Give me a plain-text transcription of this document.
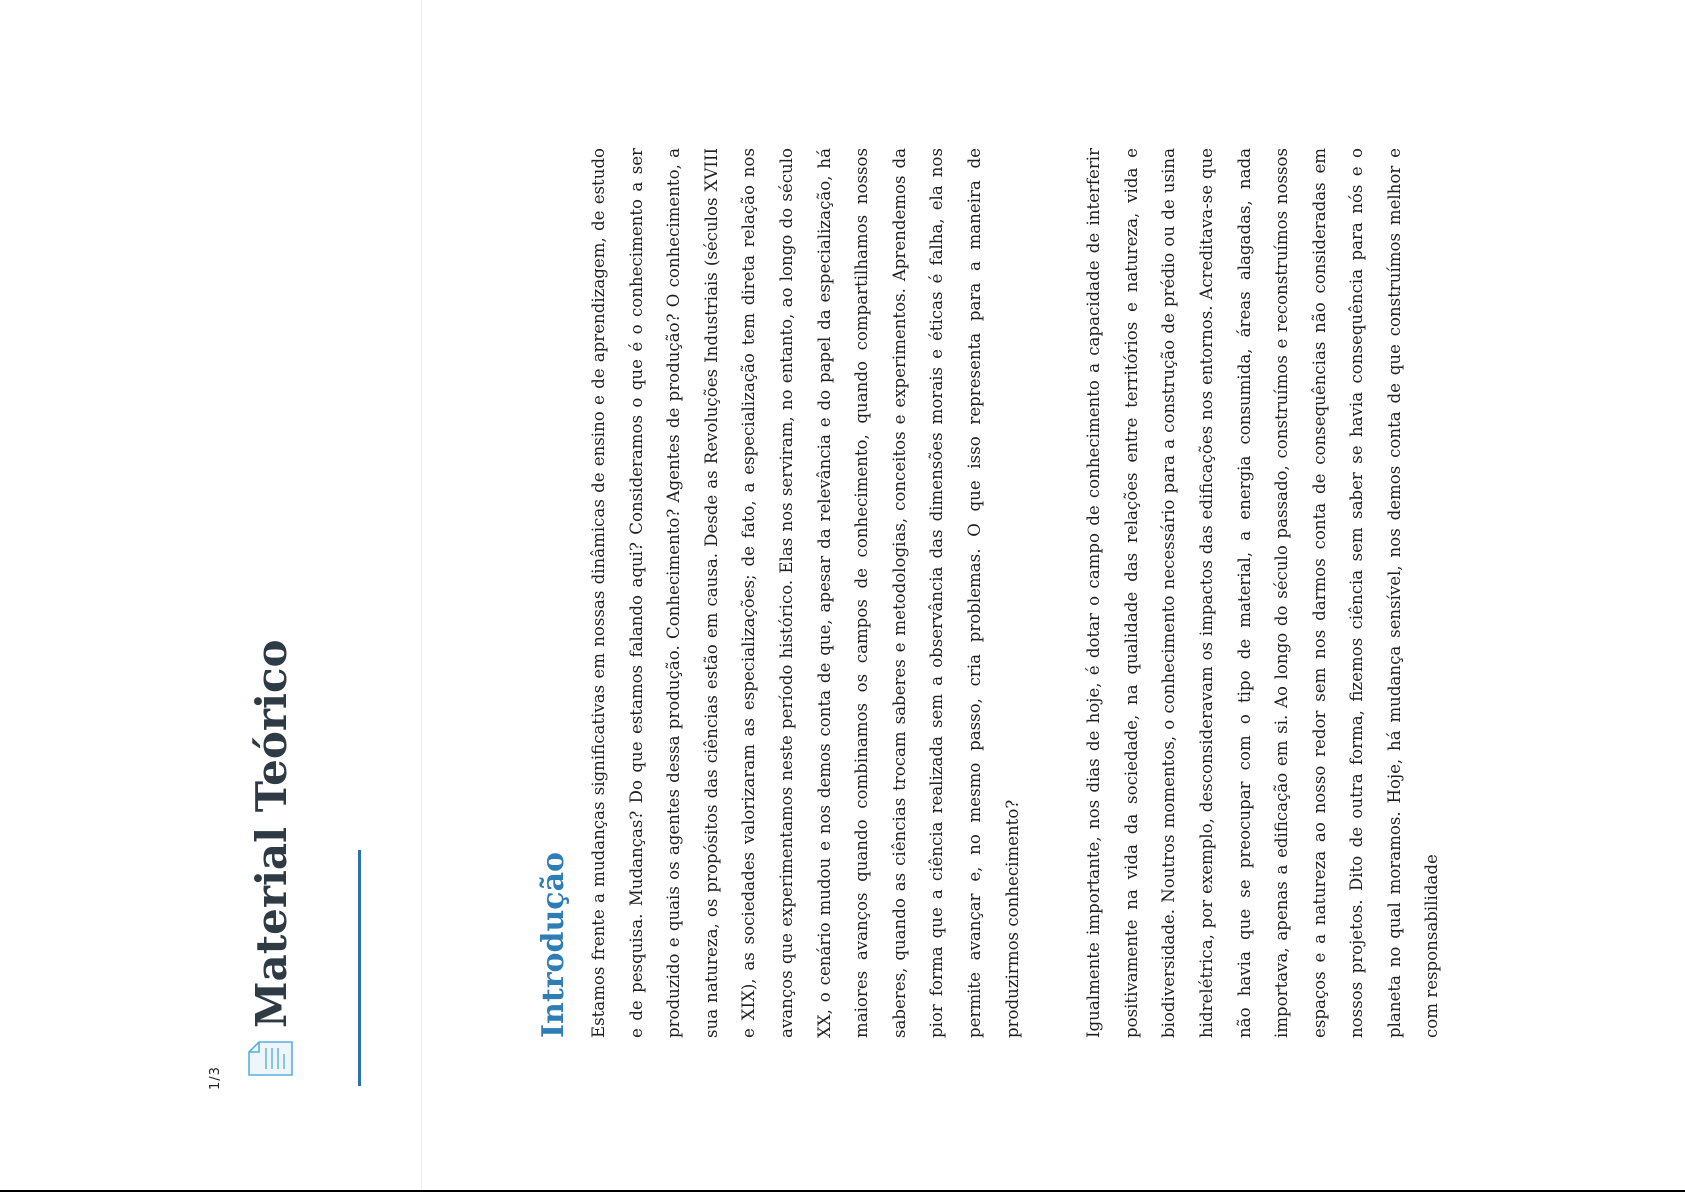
1/3
Material Teórico	Introdução	Estamos frente a mudanças significativas em nossas dinâmicas de ensino e de aprendizagem, de estudo e de pesquisa. Mudanças? Do que estamos falando aqui? Consideramos o que é o conhecimento a ser produzido e quais os agentes dessa produção. Conhecimento? Agentes de produção? O conhecimento, a sua natureza, os propósitos das ciências estão em causa. Desde as Revoluções Industriais (séculos XVIII e XIX), as sociedades valorizaram as especializações; de fato, a especialização tem direta relação nos avanços que experimentamos neste período histórico. Elas nos serviram, no entanto, ao longo do século XX, o cenário mudou e nos demos conta de que, apesar da relevância e do papel da especialização, há maiores avanços quando combinamos os campos de conhecimento, quando compartilhamos nossos saberes, quando as ciências trocam saberes e metodologias, conceitos e experimentos. Aprendemos da pior forma que a ciência realizada sem a observância das dimensões morais e éticas é falha, ela nos permite avançar e, no mesmo passo, cria problemas. O que isso representa para a maneira de produzirmos conhecimento?	Igualmente importante, nos dias de hoje, é dotar o campo de conhecimento a capacidade de interferir positivamente na vida da sociedade, na qualidade das relações entre territórios e natureza, vida e biodiversidade. Noutros momentos, o conhecimento necessário para a construção de prédio ou de usina hidrelétrica, por exemplo, desconsideravam os impactos das edificações nos entornos. Acreditava-se que não havia que se preocupar com o tipo de material, a energia consumida, áreas alagadas, nada importava, apenas a edificação em si. Ao longo do século passado, construímos e reconstruímos nossos espaços e a natureza ao nosso redor sem nos darmos conta de consequências não consideradas em nossos projetos. Dito de outra forma, fizemos ciência sem saber se havia consequência para nós e o planeta no qual moramos. Hoje, há mudança sensível, nos demos conta de que construímos melhor e com responsabilidade
